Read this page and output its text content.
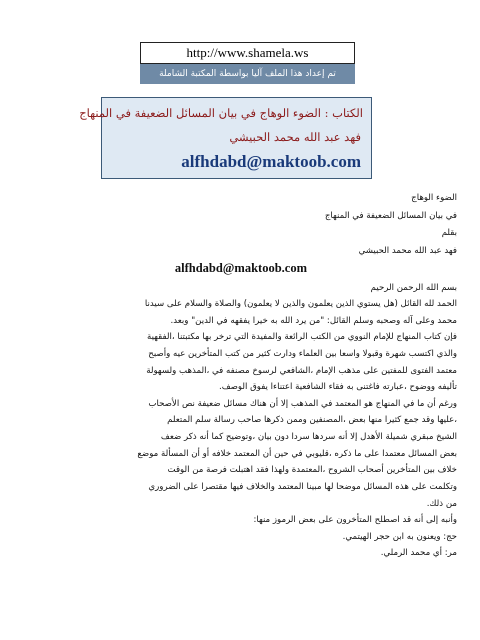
http://www.shamela.ws
تم إعداد هذا الملف آليا بواسطة المكتبة الشاملة
الكتاب : الضوء الوهاج في بيان المسائل الضعيفة في المنهاج
فهد عبد الله محمد الحبيشي
alfhdabd@maktoob.com
الضوء الوهاج
في بيان المسائل الضعيفة في المنهاج
بقلم
فهد عبد الله محمد الحبيشي
alfhdabd@maktoob.com
بسم الله الرحمن الرحيم
الحمد لله القائل (هل يستوي الذين يعلمون والذين لا يعلمون) والصلاة والسلام على سيدنا
محمد وعلى آله وصحبه وسلم القائل: "من يرد الله به خيرا يفقهه في الدين" وبعد.
فإن كتاب المنهاج للإمام النووي من الكتب الرائعة والمفيدة التي ترخر بها مكتبتنا ،الفقهية
والذي اكتسب شهرة وقبولا واسعا بين العلماء ودارت كثير من كتب المتأخرين عيه وأصبح
معتمد الفتوى للمفتين على مذهب الإمام ،الشافعي لرسوخ مصنفه في ،المذهب ولسهولة
تأليفه ووضوح ،عبارته فاغتنى به فقاء الشافعية اعتناءا يفوق الوصف.
ورغم أن ما في المنهاج هو المعتمد في المذهب إلا أن هناك مسائل ضعيفة نص الأصحاب
،عليها وقد جمع كثيرا منها بعض ،المصنفين وممن ذكرها صاحب رسالة سلم المتعلم
الشيخ مبقري شميلة الأهدل إلا أنه سردها سردا دون بيان ،وتوضيح كما أنه ذكر ضعف
بعض المسائل معتمدا على ما ذكره ،قليوبي في حين أن المعتمد خلافه أو أن المسألة موضع
خلاف بين المتأخرين أصحاب الشروح ،المعتمدة ولهذا فقد اهتبلت فرصة من الوقت
وتكلمت على هذه المسائل موضحا لها مبينا المعتمد والخلاف فيها مقتصرا على الضروري
من ذلك.
وأنبه إلى أنه قد اصطلح المتأخرون على بعض الرموز منها:
حج: ويعنون به ابن حجر الهيتمي.
مر: أي محمد الرملي.
